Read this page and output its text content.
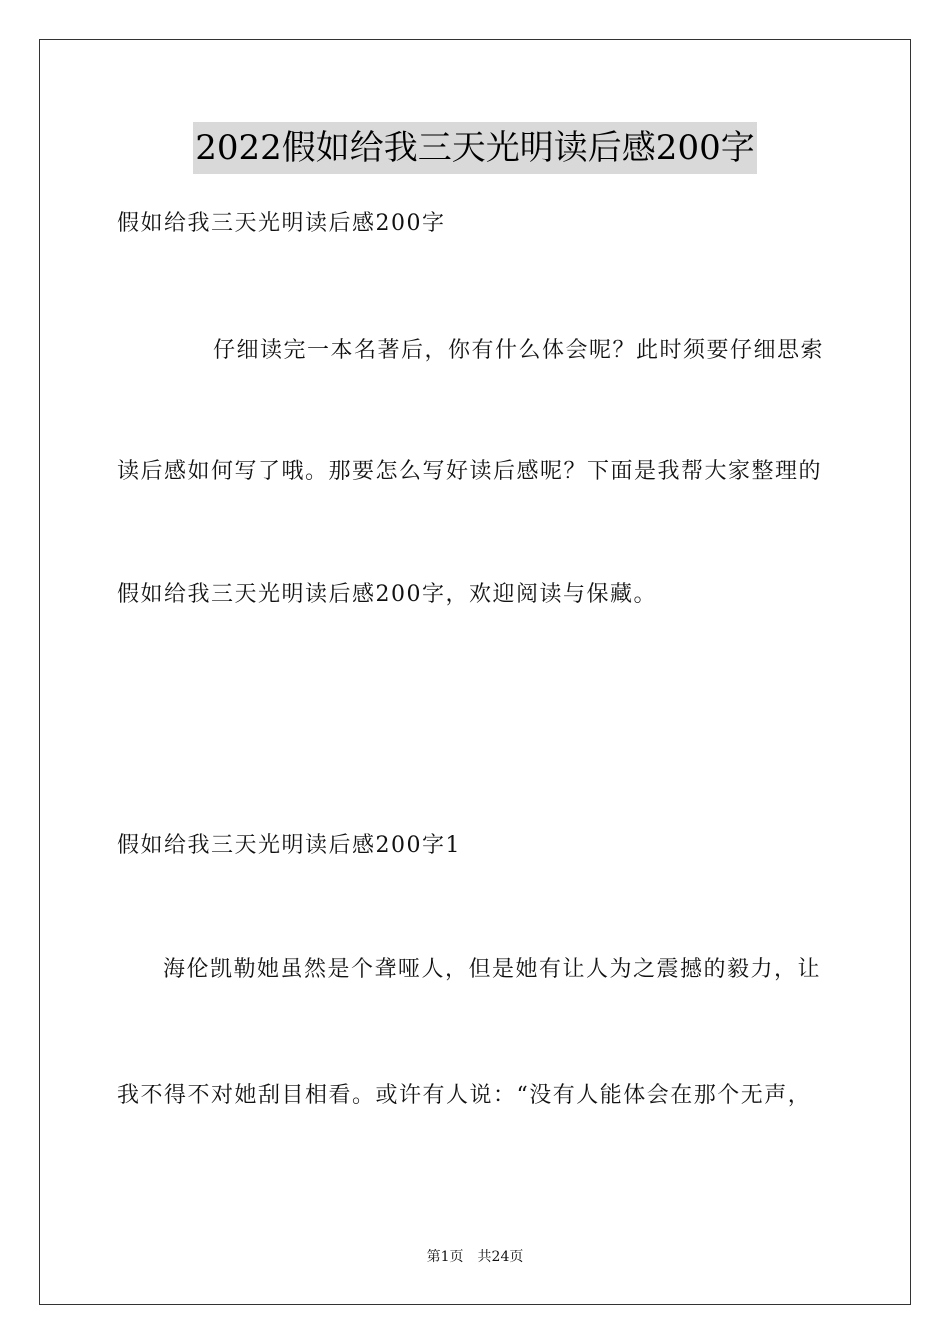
2022假如给我三天光明读后感200字
假如给我三天光明读后感200字
仔细读完一本名著后，你有什么体会呢？此时须要仔细思索
读后感如何写了哦。那要怎么写好读后感呢？下面是我帮大家整理的
假如给我三天光明读后感200字，欢迎阅读与保藏。
假如给我三天光明读后感200字1
海伦凯勒她虽然是个聋哑人，但是她有让人为之震撼的毅力，让
我不得不对她刮目相看。或许有人说：“没有人能体会在那个无声，
第1页 共24页
